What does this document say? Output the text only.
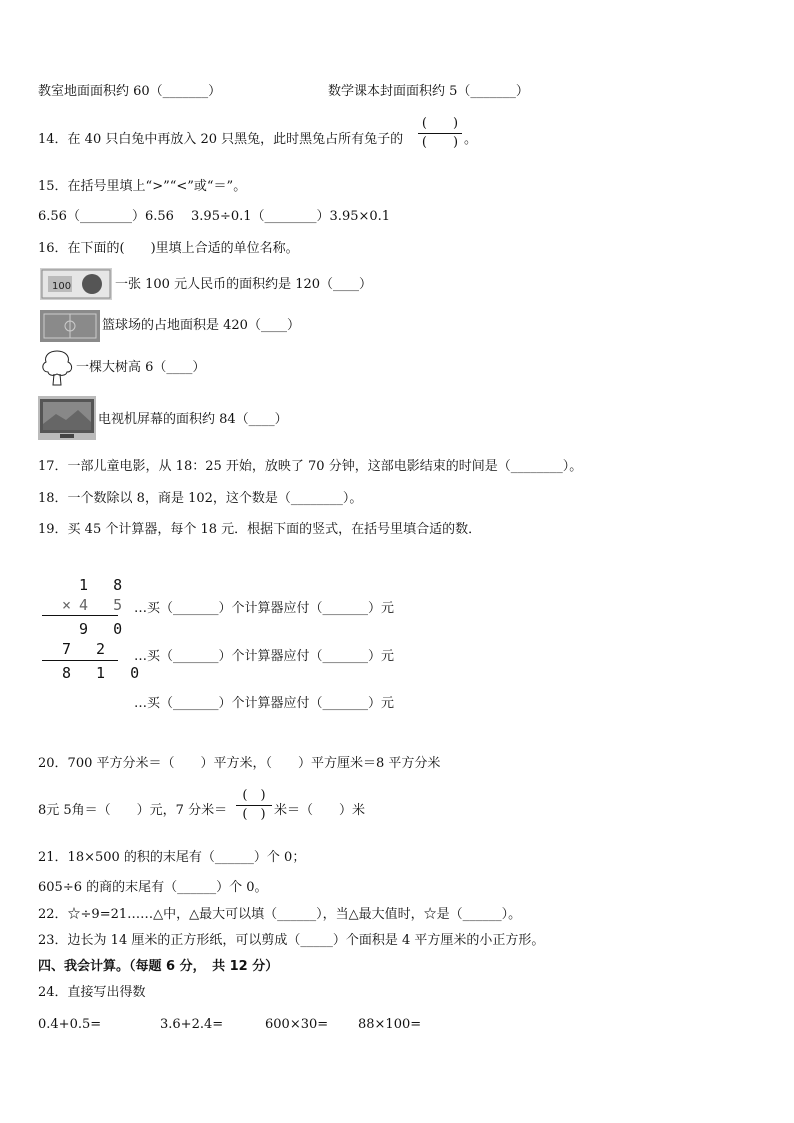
教室地面面积约 60（_______）	数学课本封面面积约 5（_______）
14．在 40 只白兔中再放入 20 只黑兔，此时黑兔占所有兔子的
(　　)
(　　) 。
15．在括号里填上“>”“<”或“＝”。
6.56（________）6.56　 3.95÷0.1（________）3.95×0.1
16．在下面的(　　)里填上合适的单位名称。
100	一张 100 元人民币的面积约是 120（____）
篮球场的占地面积是 420（____）
一棵大树高 6（____）
电视机屏幕的面积约 84（____）
17．一部儿童电影，从 18：25 开始，放映了 70 分钟，这部电影结束的时间是（________）。
18．一个数除以 8，商是 102，这个数是（________）。
19．买 45 个计算器，每个 18 元．根据下面的竖式，在括号里填合适的数．
1 8
×4 5
9 0
7 2
8 1 0
…买（_______）个计算器应付（_______）元
…买（_______）个计算器应付（_______）元
…买（_______）个计算器应付（_______）元
20．700 平方分米＝（　　）平方米，（　　）平方厘米＝8 平方分米
8元 5角＝（　　）元，7 分米＝
(　)
(　) 米＝（　　）米
21．18×500 的积的末尾有（______）个 0；
605÷6 的商的末尾有（______）个 0。
22．☆÷9=21……△中，△最大可以填（______），当△最大值时，☆是（______）。
23．边长为 14 厘米的正方形纸，可以剪成（_____）个面积是 4 平方厘米的小正方形。
四、我会计算。（每题 6 分，　共 12 分）
24．直接写出得数
0.4+0.5=	3.6+2.4=	600×30= 88×100=
